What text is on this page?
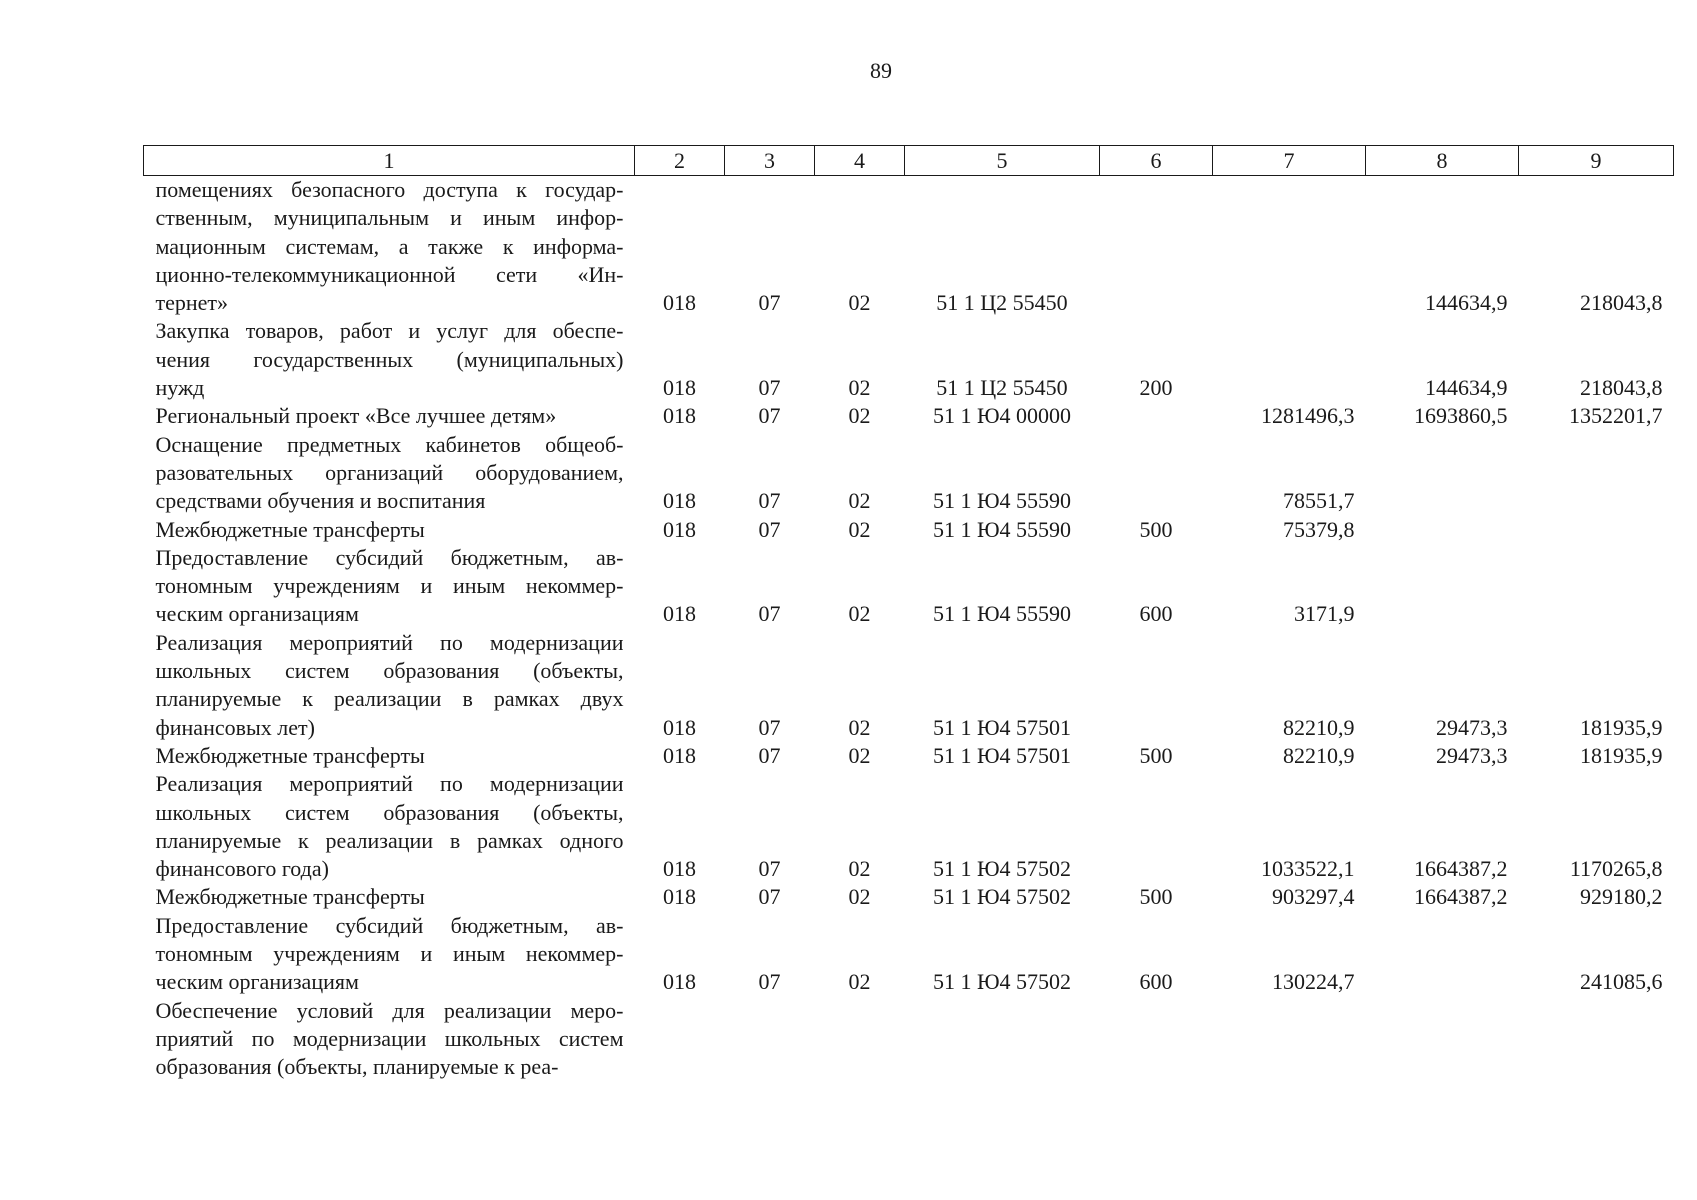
89
1	2	3	4	5	6	7	8	9

помещениях безопасного доступа к государ-
ственным, муниципальным и иным инфор-
мационным системам, а также к информа-
ционно-телекоммуникационной сети «Ин-
тернет»	018	07	02	51 1 Ц2 55450			144634,9	218043,8

Закупка товаров, работ и услуг для обеспе-
чения государственных (муниципальных)
нужд	018	07	02	51 1 Ц2 55450	200		144634,9	218043,8

Региональный проект «Все лучшее детям»	018	07	02	51 1 Ю4 00000		1281496,3	1693860,5	1352201,7

Оснащение предметных кабинетов общеоб-
разовательных организаций оборудованием,
средствами обучения и воспитания	018	07	02	51 1 Ю4 55590		78551,7		

Межбюджетные трансферты	018	07	02	51 1 Ю4 55590	500	75379,8		

Предоставление субсидий бюджетным, ав-
тономным учреждениям и иным некоммер-
ческим организациям	018	07	02	51 1 Ю4 55590	600	3171,9		

Реализация мероприятий по модернизации
школьных систем образования (объекты,
планируемые к реализации в рамках двух
финансовых лет)	018	07	02	51 1 Ю4 57501		82210,9	29473,3	181935,9

Межбюджетные трансферты	018	07	02	51 1 Ю4 57501	500	82210,9	29473,3	181935,9

Реализация мероприятий по модернизации
школьных систем образования (объекты,
планируемые к реализации в рамках одного
финансового года)	018	07	02	51 1 Ю4 57502		1033522,1	1664387,2	1170265,8

Межбюджетные трансферты	018	07	02	51 1 Ю4 57502	500	903297,4	1664387,2	929180,2

Предоставление субсидий бюджетным, ав-
тономным учреждениям и иным некоммер-
ческим организациям	018	07	02	51 1 Ю4 57502	600	130224,7		241085,6

Обеспечение условий для реализации меро-
приятий по модернизации школьных систем
образования (объекты, планируемые к реа-								
